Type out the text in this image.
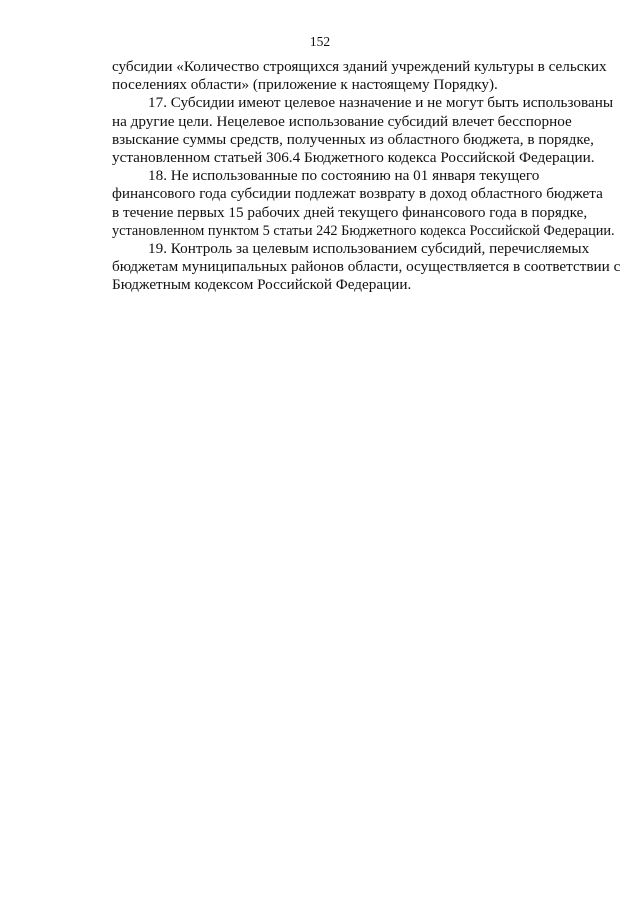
152
субсидии «Количество строящихся зданий учреждений культуры в сельских
поселениях области» (приложение к настоящему Порядку).
17. Субсидии имеют целевое назначение и не могут быть использованы
на другие цели. Нецелевое использование субсидий влечет бесспорное
взыскание суммы средств, полученных из областного бюджета, в порядке,
установленном статьей 306.4 Бюджетного кодекса Российской Федерации.
18. Не использованные по состоянию на 01 января текущего
финансового года субсидии подлежат возврату в доход областного бюджета
в течение первых 15 рабочих дней текущего финансового года в порядке,
установленном пунктом 5 статьи 242 Бюджетного кодекса Российской Федерации.
19. Контроль за целевым использованием субсидий, перечисляемых
бюджетам муниципальных районов области, осуществляется в соответствии с
Бюджетным кодексом Российской Федерации.
